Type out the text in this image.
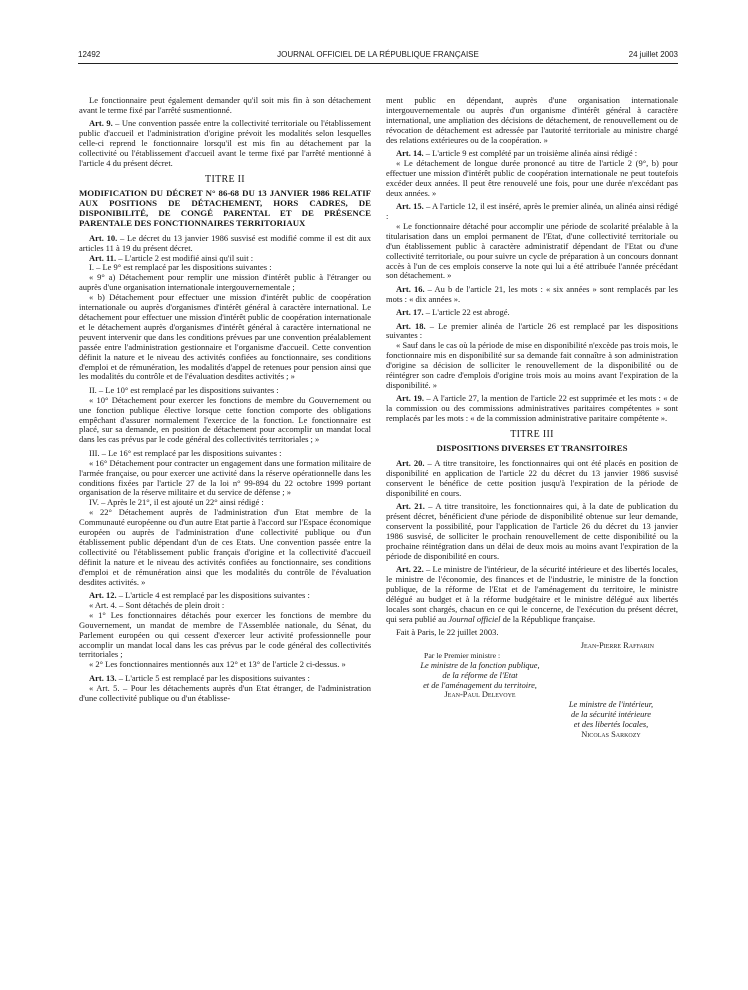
12492	JOURNAL OFFICIEL DE LA RÉPUBLIQUE FRANÇAISE	24 juillet 2003

Le fonctionnaire peut également demander qu'il soit mis fin à son détachement avant le terme fixé par l'arrêté susmentionné.

Art. 9. – Une convention passée entre la collectivité territoriale ou l'établissement public d'accueil et l'administration d'origine prévoit les modalités selon lesquelles celle-ci reprend le fonctionnaire lorsqu'il est mis fin au détachement par la collectivité ou l'établissement d'accueil avant le terme fixé par l'arrêté mentionné à l'article 4 du présent décret.

TITRE II
MODIFICATION DU DÉCRET N° 86-68 DU 13 JANVIER 1986 RELATIF AUX POSITIONS DE DÉTACHEMENT, HORS CADRES, DE DISPONIBILITÉ, DE CONGÉ PARENTAL ET DE PRÉSENCE PARENTALE DES FONCTIONNAIRES TERRITORIAUX

Art. 10. – Le décret du 13 janvier 1986 susvisé est modifié comme il est dit aux articles 11 à 19 du présent décret.

Art. 11. – L'article 2 est modifié ainsi qu'il suit :

I. – Le 9° est remplacé par les dispositions suivantes :

« 9° a) Détachement pour remplir une mission d'intérêt public à l'étranger ou auprès d'une organisation internationale intergouvernementale ;

« b) Détachement pour effectuer une mission d'intérêt public de coopération internationale ou auprès d'organismes d'intérêt général à caractère international. Le détachement pour effectuer une mission d'intérêt public de coopération internationale et le détachement auprès d'organismes d'intérêt général à caractère international ne peuvent intervenir que dans les conditions prévues par une convention préalablement passée entre l'administration gestionnaire et l'organisme d'accueil. Cette convention définit la nature et le niveau des activités confiées au fonctionnaire, ses conditions d'emploi et de rémunération, les modalités d'appel de retenues pour pension ainsi que les modalités du contrôle et de l'évaluation desdites activités ; »

II. – Le 10° est remplacé par les dispositions suivantes :

« 10° Détachement pour exercer les fonctions de membre du Gouvernement ou une fonction publique élective lorsque cette fonction comporte des obligations empêchant d'assurer normalement l'exercice de la fonction. Le fonctionnaire est placé, sur sa demande, en position de détachement pour accomplir un mandat local dans les cas prévus par le code général des collectivités territoriales ; »

III. – Le 16° est remplacé par les dispositions suivantes :

« 16° Détachement pour contracter un engagement dans une formation militaire de l'armée française, ou pour exercer une activité dans la réserve opérationnelle dans les conditions fixées par l'article 27 de la loi n° 99-894 du 22 octobre 1999 portant organisation de la réserve militaire et du service de défense ; »

IV. – Après le 21°, il est ajouté un 22° ainsi rédigé :

« 22° Détachement auprès de l'administration d'un Etat membre de la Communauté européenne ou d'un autre Etat partie à l'accord sur l'Espace économique européen ou auprès de l'administration d'une collectivité publique ou d'un établissement public dépendant d'un de ces Etats. Une convention passée entre la collectivité ou l'établissement public français d'origine et la collectivité d'accueil définit la nature et le niveau des activités confiées au fonctionnaire, ses conditions d'emploi et de rémunération ainsi que les modalités du contrôle de l'évaluation desdites activités. »

Art. 12. – L'article 4 est remplacé par les dispositions suivantes :

« Art. 4. – Sont détachés de plein droit :

« 1° Les fonctionnaires détachés pour exercer les fonctions de membre du Gouvernement, un mandat de membre de l'Assemblée nationale, du Sénat, du Parlement européen ou qui cessent d'exercer leur activité professionnelle pour accomplir un mandat local dans les cas prévus par le code général des collectivités territoriales ;

« 2° Les fonctionnaires mentionnés aux 12° et 13° de l'article 2 ci-dessus. »

Art. 13. – L'article 5 est remplacé par les dispositions suivantes :

« Art. 5. – Pour les détachements auprès d'un Etat étranger, de l'administration d'une collectivité publique ou d'un établisse-

ment public en dépendant, auprès d'une organisation internationale intergouvernementale ou auprès d'un organisme d'intérêt général à caractère international, une ampliation des décisions de détachement, de renouvellement ou de révocation de détachement est adressée par l'autorité territoriale au ministre chargé des relations extérieures ou de la coopération. »

Art. 14. – L'article 9 est complété par un troisième alinéa ainsi rédigé :

« Le détachement de longue durée prononcé au titre de l'article 2 (9°, b) pour effectuer une mission d'intérêt public de coopération internationale ne peut toutefois excéder deux années. Il peut être renouvelé une fois, pour une durée n'excédant pas deux années. »

Art. 15. – A l'article 12, il est inséré, après le premier alinéa, un alinéa ainsi rédigé :

« Le fonctionnaire détaché pour accomplir une période de scolarité préalable à la titularisation dans un emploi permanent de l'Etat, d'une collectivité territoriale ou d'un établissement public à caractère administratif dépendant de l'Etat ou d'une collectivité territoriale, ou pour suivre un cycle de préparation à un concours donnant accès à l'un de ces emplois conserve la note qui lui a été attribuée l'année précédant son détachement. »

Art. 16. – Au b de l'article 21, les mots : « six années » sont remplacés par les mots : « dix années ».

Art. 17. – L'article 22 est abrogé.

Art. 18. – Le premier alinéa de l'article 26 est remplacé par les dispositions suivantes :

« Sauf dans le cas où la période de mise en disponibilité n'excède pas trois mois, le fonctionnaire mis en disponibilité sur sa demande fait connaître à son administration d'origine sa décision de solliciter le renouvellement de la disponibilité ou de réintégrer son cadre d'emplois d'origine trois mois au moins avant l'expiration de la disponibilité. »

Art. 19. – A l'article 27, la mention de l'article 22 est supprimée et les mots : « de la commission ou des commissions administratives paritaires compétentes » sont remplacés par les mots : « de la commission administrative paritaire compétente ».

TITRE III
DISPOSITIONS DIVERSES ET TRANSITOIRES

Art. 20. – A titre transitoire, les fonctionnaires qui ont été placés en position de disponibilité en application de l'article 22 du décret du 13 janvier 1986 susvisé conservent le bénéfice de cette position jusqu'à l'expiration de la période de disponibilité en cours.

Art. 21. – A titre transitoire, les fonctionnaires qui, à la date de publication du présent décret, bénéficient d'une période de disponibilité obtenue sur leur demande, conservent la possibilité, pour l'application de l'article 26 du décret du 13 janvier 1986 susvisé, de solliciter le prochain renouvellement de cette disponibilité ou la prochaine réintégration dans un délai de deux mois au moins avant l'expiration de la période de disponibilité en cours.

Art. 22. – Le ministre de l'intérieur, de la sécurité intérieure et des libertés locales, le ministre de l'économie, des finances et de l'industrie, le ministre de la fonction publique, de la réforme de l'Etat et de l'aménagement du territoire, le ministre délégué au budget et à la réforme budgétaire et le ministre délégué aux libertés locales sont chargés, chacun en ce qui le concerne, de l'exécution du présent décret, qui sera publié au Journal officiel de la République française.

Fait à Paris, le 22 juillet 2003.

Jean-Pierre Raffarin
Par le Premier ministre :
Le ministre de la fonction publique,
de la réforme de l'Etat
et de l'aménagement du territoire,
Jean-Paul Delevoye
Le ministre de l'intérieur,
de la sécurité intérieure
et des libertés locales,
Nicolas Sarkozy
